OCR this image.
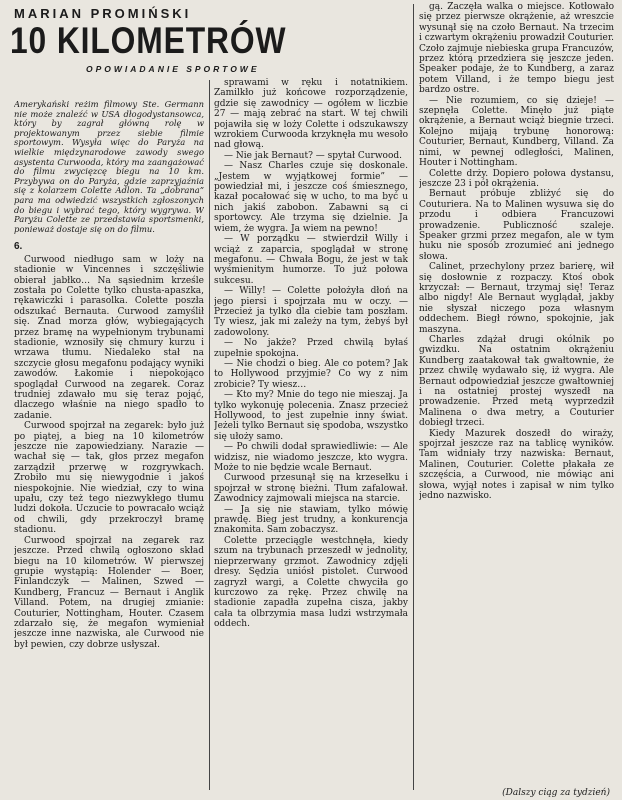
MARIAN PROMIŃSKI
10 KILOMETRÓW
OPOWIADANIE SPORTOWE

Amerykański reżim filmowy Ste. Germann nie może znaleźć w USA dłogodystansowca, który by zagrał główną rolę w projektowanym przez siebie filmie sportowym. Wysyła więc do Paryża na wielkie międzynarodowe zawody swego asystenta Curwooda, który ma zaangażować do filmu zwycięzcę biegu na 10 km. Przybywa on do Paryża, gdzie zaprzyjaźnia się z kolarzem Colette Adlon. Ta „dobrana” para ma odwiedzić wszystkich zgłoszonych do biegu i wybrać tego, który wygrywa. W Paryżu Colette ze przedstawia sportsmenki, ponieważ dostaje się on do filmu.

6.

Curwood niedługo sam w loży na stadionie w Vincennes i szczęśliwie obierał jabłko… Na sąsiednim krześle została po Colette tylko chusta-apaszka, rękawiczki i parasolka. Colette poszła odszukać Bernauta. Curwood zamyślił się. Znad morza głów, wybiegających przez bramę na wypełnionym trybunami stadionie, wznosiły się chmury kurzu i wrzawa tłumu. Niedaleko stał na szczycie głosu megafonu podający wyniki zawodów. Łakomie i niepokojąco spoglądał Curwood na zegarek. Coraz trudniej zdawało mu się teraz pojąć, dlaczego właśnie na niego spadło to zadanie.

Curwood spojrzał na zegarek: było już po piątej, a bieg na 10 kilometrów jeszcze nie zapowiedziany. Narazie — wachał się — tak, głos przez megafon zarządził przerwę w rozgrywkach. Zrobiło mu się niewygodnie i jakoś niespokojnie. Nie wiedział, czy to wina upału, czy też tego niezwykłego tłumu ludzi dokoła. Uczucie to powracało wciąż od chwili, gdy przekroczył bramę stadionu.

Curwood spojrzał na zegarek raz jeszcze. Przed chwilą ogłoszono skład biegu na 10 kilometrów. W pierwszej grupie wystąpią: Holender — Boer, Finlandczyk — Malinen, Szwed — Kundberg, Francuz — Bernaut i Anglik Villand. Potem, na drugiej zmianie: Couturier, Nottingham, Houter. Czasem zdarzało się, że megafon wymieniał jeszcze inne nazwiska, ale Curwood nie był pewien, czy dobrze usłyszał.

sprawami w ręku i notatnikiem. Zamilkło już końcowe rozporządzenie, gdzie się zawodnicy — ogółem w liczbie 27 — mają zebrać na start. W tej chwili pojawiła się w loży Colette i odszukawszy wzrokiem Curwooda krzyknęła mu wesoło nad głową.

— Nie jak Bernaut? — spytał Curwood.

— Nasz Charles czuje się doskonale. „Jestem w wyjątkowej formie” — powiedział mi, i jeszcze coś śmiesznego, kazał pocałować się w ucho, to ma być u nich jakiś zabobon. Zabawni są ci sportowcy. Ale trzyma się dzielnie. Ja wiem, że wygra. Ja wiem na pewno!

— W porządku — stwierdził Willy i wciąż z zaparcia, spoglądał w stronę megafonu. — Chwała Bogu, że jest w tak wyśmienitym humorze. To już połowa sukcesu.

— Willy! — Colette położyła dłoń na jego piersi i spojrzała mu w oczy. — Przecież ja tylko dla ciebie tam poszłam. Ty wiesz, jak mi zależy na tym, żebyś był zadowolony.

— No jakże? Przed chwilą byłaś zupełnie spokojna.

— Nie chodzi o bieg. Ale co potem? Jak to Hollywood przyjmie? Co wy z nim zrobicie? Ty wiesz…

— Kto my? Mnie do tego nie mieszaj. Ja tylko wykonuję polecenia. Znasz przecież Hollywood, to jest zupełnie inny świat. Jeżeli tylko Bernaut się spodoba, wszystko się ułoży samo.

— Po chwili dodał sprawiedliwie: — Ale widzisz, nie wiadomo jeszcze, kto wygra. Może to nie będzie wcale Bernaut.

Curwood przesunął się na krzesełku i spojrzał w stronę bieżni. Tłum zafalował. Zawodnicy zajmowali miejsca na starcie.

— Ja się nie stawiam, tylko mówię prawdę. Bieg jest trudny, a konkurencja znakomita. Sam zobaczysz.

Colette przeciągle westchnęła, kiedy szum na trybunach przeszedł w jednolity, nieprzerwany grzmot. Zawodnicy zdjęli dresy. Sędzia uniósł pistolet. Curwood zagryzł wargi, a Colette chwyciła go kurczowo za rękę. Przez chwilę na stadionie zapadła zupełna cisza, jakby cała ta olbrzymia masa ludzi wstrzymała oddech.

gą. Zaczęła walka o miejsce. Kotłowało się przez pierwsze okrążenie, aż wreszcie wysunął się na czoło Bernaut. Na trzecim i czwartym okrążeniu prowadził Couturier. Czoło zajmuje niebieska grupa Francuzów, przez którą przedziera się jeszcze jeden. Speaker podaje, że to Kundberg, a zaraz potem Villand, i że tempo biegu jest bardzo ostre.

— Nie rozumiem, co się dzieje! — szepnęła Colette. Minęło już piąte okrążenie, a Bernaut wciąż biegnie trzeci. Kolejno mijają trybunę honorową: Couturier, Bernaut, Kundberg, Villand. Za nimi, w pewnej odległości, Malinen, Houter i Nottingham.

Colette drży. Dopiero połowa dystansu, jeszcze 23 i pół okrążenia.

Bernaut próbuje zbliżyć się do Couturiera. Na to Malinen wysuwa się do przodu i odbiera Francuzowi prowadzenie. Publiczność szaleje. Speaker grzmi przez megafon, ale w tym huku nie sposób zrozumieć ani jednego słowa.

Calinet, przechylony przez barierę, wił się dosłownie z rozpaczy. Ktoś obok krzyczał: — Bernaut, trzymaj się! Teraz albo nigdy! Ale Bernaut wyglądał, jakby nie słyszał niczego poza własnym oddechem. Biegł równo, spokojnie, jak maszyna.

Charles zdążał drugi okólnik po gwizdku. Na ostatnim okrążeniu Kundberg zaatakował tak gwałtownie, że przez chwilę wydawało się, iż wygra. Ale Bernaut odpowiedział jeszcze gwałtowniej i na ostatniej prostej wyszedł na prowadzenie. Przed metą wyprzedził Malinena o dwa metry, a Couturier dobiegł trzeci.

Kiedy Mazurek doszedł do wiraży, spojrzał jeszcze raz na tablicę wyników. Tam widniały trzy nazwiska: Bernaut, Malinen, Couturier. Colette płakała ze szczęścia, a Curwood, nie mówiąc ani słowa, wyjął notes i zapisał w nim tylko jedno nazwisko.

(Dalszy ciąg za tydzień)
